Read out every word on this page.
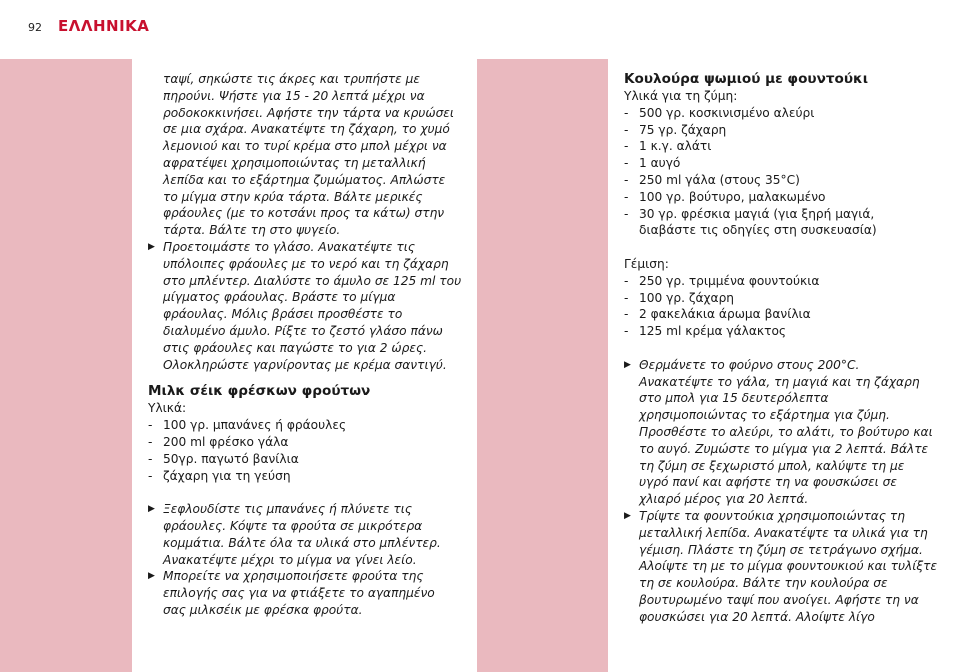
92 ΕΛΛΗΝΙΚΑ

ταψί, σηκώστε τις άκρες και τρυπήστε με

πηρούνι. Ψήστε για 15 - 20 λεπτά μέχρι να

ροδοκοκκινήσει. Αφήστε την τάρτα να κρυώσει

σε μια σχάρα. Ανακατέψτε τη ζάχαρη, το χυμό

λεμονιού και το τυρί κρέμα στο μπολ μέχρι να

αφρατέψει χρησιμοποιώντας τη μεταλλική

λεπίδα και το εξάρτημα ζυμώματος. Απλώστε

το μίγμα στην κρύα τάρτα. Βάλτε μερικές

φράουλες (με το κοτσάνι προς τα κάτω) στην

τάρτα. Βάλτε τη στο ψυγείο.

▶ Προετοιμάστε το γλάσο. Ανακατέψτε τις

υπόλοιπες φράουλες με το νερό και τη ζάχαρη

στο μπλέντερ. Διαλύστε το άμυλο σε 125 ml του

μίγματος φράουλας. Βράστε το μίγμα

φράουλας. Μόλις βράσει προσθέστε το

διαλυμένο άμυλο. Ρίξτε το ζεστό γλάσο πάνω

στις φράουλες και παγώστε το για 2 ώρες.

Ολοκληρώστε γαρνίροντας με κρέμα σαντιγύ.

Μιλκ σέικ φρέσκων φρούτων

Υλικά:

- 100 γρ. μπανάνες ή φράουλες
- 200 ml φρέσκο γάλα
- 50γρ. παγωτό βανίλια
- ζάχαρη για τη γεύση
▶ Ξεφλουδίστε τις μπανάνες ή πλύνετε τις

φράουλες. Κόψτε τα φρούτα σε μικρότερα

κομμάτια. Βάλτε όλα τα υλικά στο μπλέντερ.

Ανακατέψτε μέχρι το μίγμα να γίνει λείο.

▶ Μπορείτε να χρησιμοποιήσετε φρούτα της

επιλογής σας για να φτιάξετε το αγαπημένο

σας μιλκσέικ με φρέσκα φρούτα.

Κουλούρα ψωμιού με φουντούκι

Υλικά για τη ζύμη:

- 500 γρ. κοσκινισμένο αλεύρι
- 75 γρ. ζάχαρη
- 1 κ.γ. αλάτι
- 1 αυγό
- 250 ml γάλα (στους 35°C)
- 100 γρ. βούτυρο, μαλακωμένο
- 30 γρ. φρέσκια μαγιά (για ξηρή μαγιά,

διαβάστε τις οδηγίες στη συσκευασία)

Γέμιση:

- 250 γρ. τριμμένα φουντούκια
- 100 γρ. ζάχαρη
- 2 φακελάκια άρωμα βανίλια
- 125 ml κρέμα γάλακτος
▶ Θερμάνετε το φούρνο στους 200°C.

Ανακατέψτε το γάλα, τη μαγιά και τη ζάχαρη

στο μπολ για 15 δευτερόλεπτα

χρησιμοποιώντας το εξάρτημα για ζύμη.

Προσθέστε το αλεύρι, το αλάτι, το βούτυρο και

το αυγό. Ζυμώστε το μίγμα για 2 λεπτά. Βάλτε

τη ζύμη σε ξεχωριστό μπολ, καλύψτε τη με

υγρό πανί και αφήστε τη να φουσκώσει σε

χλιαρό μέρος για 20 λεπτά.

▶ Τρίψτε τα φουντούκια χρησιμοποιώντας τη

μεταλλική λεπίδα. Ανακατέψτε τα υλικά για τη

γέμιση. Πλάστε τη ζύμη σε τετράγωνο σχήμα.

Αλοίψτε τη με το μίγμα φουντουκιού και τυλίξτε

τη σε κουλούρα. Βάλτε την κουλούρα σε

βουτυρωμένο ταψί που ανοίγει. Αφήστε τη να

φουσκώσει για 20 λεπτά. Αλοίψτε λίγο
